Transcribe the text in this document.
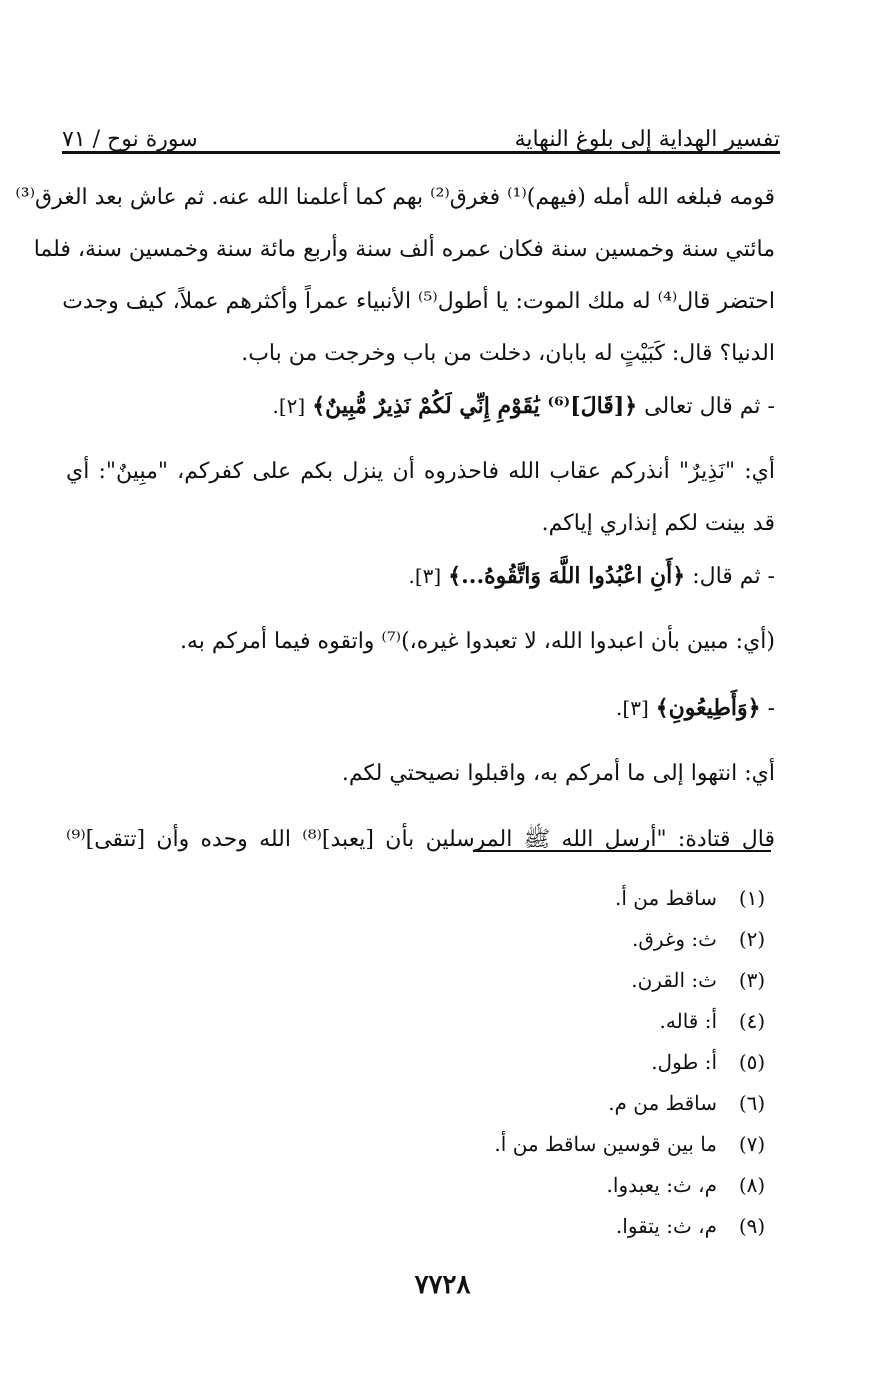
تفسير الهداية إلى بلوغ النهاية
سورة نوح / ٧١
قومه فبلغه الله أمله (فيهم)⁽¹⁾ فغرق⁽²⁾ بهم كما أعلمنا الله عنه. ثم عاش بعد الغرق⁽³⁾
مائتي سنة وخمسين سنة فكان عمره ألف سنة وأربع مائة سنة وخمسين سنة، فلما
احتضر قال⁽⁴⁾ له ملك الموت: يا أطول⁽⁵⁾ الأنبياء عمراً وأكثرهم عملاً، كيف وجدت
الدنيا؟ قال: كَبَيْتٍ له بابان، دخلت من باب وخرجت من باب.
- ثم قال تعالى ﴿[قَالَ]⁽⁶⁾ يَٰقَوْمِ إِنِّي لَكُمْ نَذِيرٌ مُّبِينٌ﴾ [٢].
أي: "نَذِيرٌ" أنذركم عقاب الله فاحذروه أن ينزل بكم على كفركم، "مبِينٌ": أي
قد بينت لكم إنذاري إياكم.
- ثم قال: ﴿أَنِ اعْبُدُوا اللَّهَ وَاتَّقُوهُ...﴾ [٣].
(أي: مبين بأن اعبدوا الله، لا تعبدوا غيره،)⁽⁷⁾ واتقوه فيما أمركم به.
- ﴿وَأَطِيعُونِ﴾ [٣].
أي: انتهوا إلى ما أمركم به، واقبلوا نصيحتي لكم.
قال قتادة: "أرسل الله ﷺ المرسلين بأن [يعبد]⁽⁸⁾ الله وحده وأن [تتقى]⁽⁹⁾
(١)
ساقط من أ.
(٢)
ث: وغرق.
(٣)
ث: القرن.
(٤)
أ: قاله.
(٥)
أ: طول.
(٦)
ساقط من م.
(٧)
ما بين قوسين ساقط من أ.
(٨)
م، ث: يعبدوا.
(٩)
م، ث: يتقوا.
٧٧٢٨
